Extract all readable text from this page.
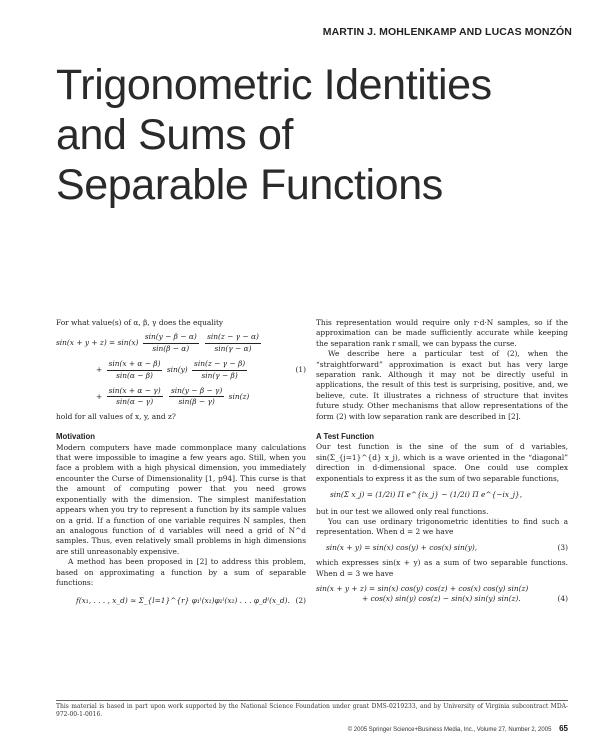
MARTIN J. MOHLENKAMP AND LUCAS MONZÓN
Trigonometric Identities
and Sums of
Separable Functions

For what value(s) of α, β, γ does the equality

$\sin(x + y + z) = \sin(x) \frac{\sin(y - \beta - \alpha)}{\sin(\beta - \alpha)}$
$\frac{\sin(z - \gamma - \alpha)}{\sin(\gamma - \alpha)}$
+ $\frac{\sin(x + \alpha - \beta)}{\sin(\alpha - \beta)} \sin(y) \frac{\sin(z - \gamma - \beta)}{\sin(\gamma - \beta)}$	(1)
+ $\frac{\sin(x + \alpha - \gamma)}{\sin(\alpha - \gamma)}$
$\frac{\sin(y - \beta - \gamma)}{\sin(\beta - \gamma)} \sin(z)$

hold for all values of x, y, and z?

Motivation

Modern computers have made commonplace many calculations that were impossible to imagine a few years ago. Still, when you face a problem with a high physical dimension, you immediately encounter the Curse of Dimensionality [1, p94]. This curse is that the amount of computing power that you need grows exponentially with the dimension. The simplest manifestation appears when you try to represent a function by its sample values on a grid. If a function of one variable requires N samples, then an analogous function of d variables will need a grid of N^d samples. Thus, even relatively small problems in high dimensions are still unreasonably expensive.

A method has been proposed in [2] to address this problem, based on approximating a function by a sum of separable functions:

f(x₁, . . . , x_d) ≈ Σ_{l=1}^{r} φ₁ˡ(x₁)φ₂ˡ(x₂) . . . φ_dˡ(x_d). (2)

This representation would require only r·d·N samples, so if the approximation can be made sufficiently accurate while keeping the separation rank r small, we can bypass the curse.

We describe here a particular test of (2), when the “straightforward” approximation is exact but has very large separation rank. Although it may not be directly useful in applications, the result of this test is surprising, positive, and, we believe, cute. It illustrates a richness of structure that invites future study. Other mechanisms that allow representations of the form (2) with low separation rank are described in [2].

A Test Function

Our test function is the sine of the sum of d variables, sin(Σ_{j=1}^{d} x_j), which is a wave oriented in the “diagonal” direction in d-dimensional space. One could use complex exponentials to express it as the sum of two separable functions,

sin(Σ x_j) = (1/2i) Π e^{ix_j} − (1/2i) Π e^{−ix_j},

but in our test we allowed only real functions.

You can use ordinary trigonometric identities to find such a representation. When d = 2 we have

sin(x + y) = sin(x) cos(y) + cos(x) sin(y),	(3)

which expresses sin(x + y) as a sum of two separable functions. When d = 3 we have

sin(x + y + z) = sin(x) cos(y) cos(z) + cos(x) cos(y) sin(z)
+ cos(x) sin(y) cos(z) − sin(x) sin(y) sin(z).	(4)
This material is based in part upon work supported by the National Science Foundation under grant DMS-0219233, and by University of Virginia subcontract MDA-972-00-1-0016.
© 2005 Springer Science+Business Media, Inc., Volume 27, Number 2, 2005 65
